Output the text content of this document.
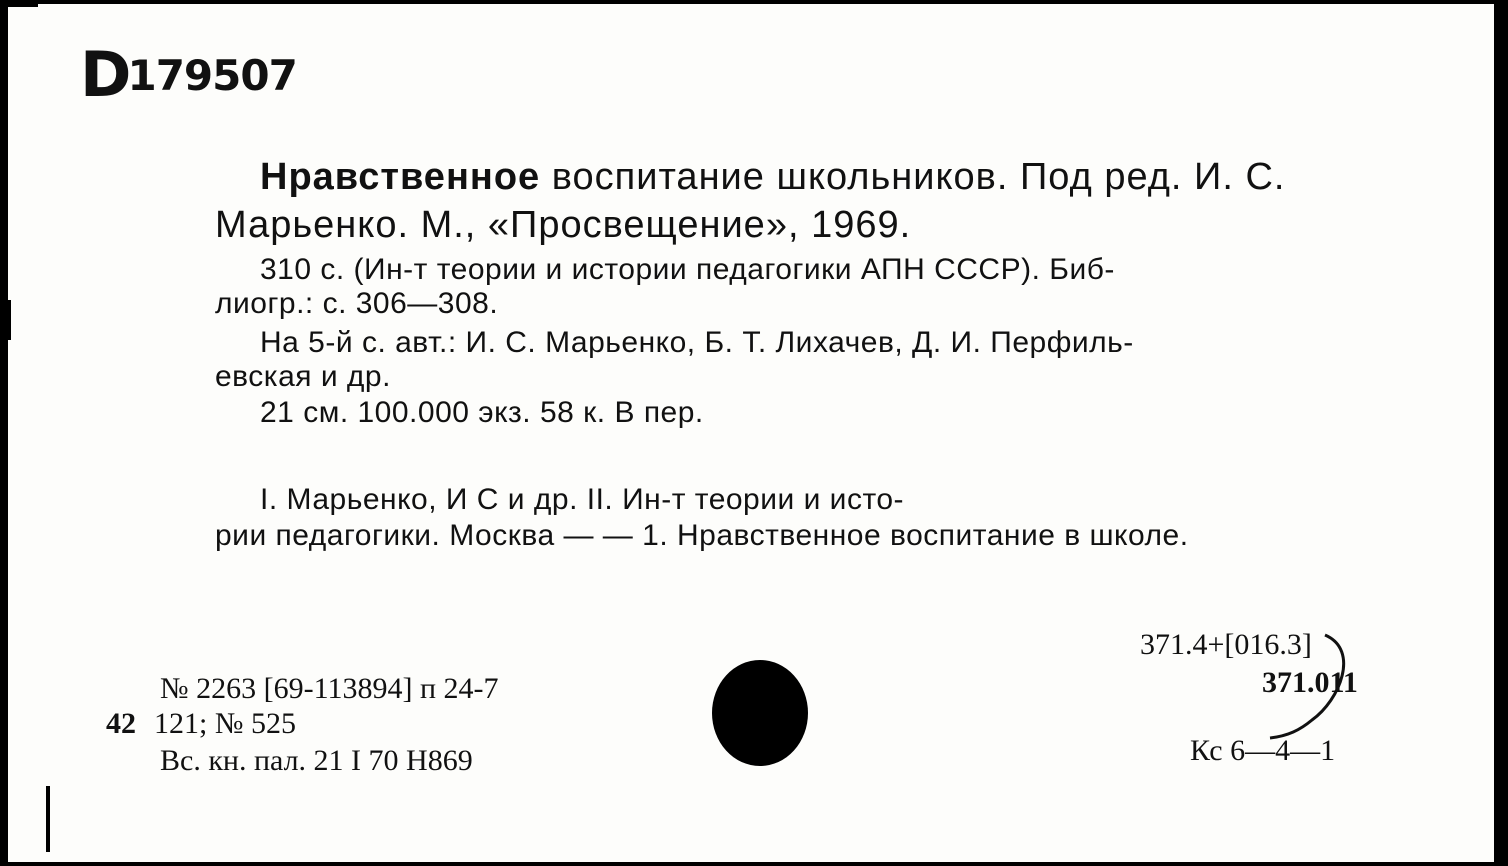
D179507
Нравственное воспитание школьников. Под ред. И. С.
Марьенко. М., «Просвещение», 1969.
310 с. (Ин-т теории и истории педагогики АПН СССР). Биб-
лиогр.: с. 306—308.
На 5-й с. авт.: И. С. Марьенко, Б. Т. Лихачев, Д. И. Перфиль-
евская и др.
21 см. 100.000 экз. 58 к. В пер.
I. Марьенко, И С и др. II. Ин-т теории и исто-
рии педагогики. Москва — — 1. Нравственное воспитание в школе.
371.4+[016.3]
371.011
Кс 6—4—1
№ 2263 [69-113894] п 24-7
42 121; № 525
Вс. кн. пал. 21 I 70 Н869
